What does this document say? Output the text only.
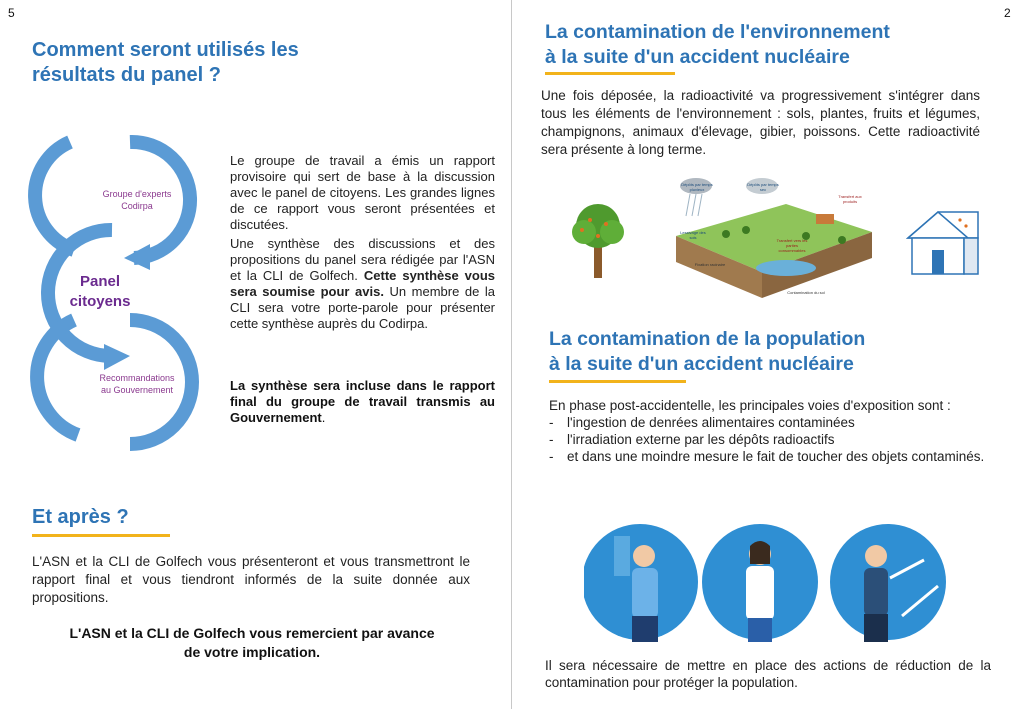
5	2
Comment seront utilisés les
résultats du panel ?
Groupe d'experts
Codirpa
Panel
citoyens
Recommandations
au Gouvernement
Le groupe de travail a émis un rapport provisoire qui sert de base à la discussion avec le panel de citoyens. Les grandes lignes de ce rapport vous seront présentées et discutées.
Une synthèse des discussions et des propositions du panel sera rédigée par l'ASN et la CLI de Golfech. Cette synthèse vous sera soumise pour avis. Un membre de la CLI sera votre porte-parole pour présenter cette synthèse auprès du Codirpa.
La synthèse sera incluse dans le rapport final du groupe de travail transmis au Gouvernement.
Et après ?
L'ASN et la CLI de Golfech vous présenteront et vous transmettront le rapport final et vous tiendront informés de la suite donnée aux propositions.
L'ASN et la CLI de Golfech vous remercient par avance
de votre implication.
La contamination de l'environnement
à la suite d'un accident nucléaire
Une fois déposée, la radioactivité va progressivement s'intégrer dans tous les éléments de l'environnement : sols, plantes, fruits et légumes, champignons, animaux d'élevage, gibier, poissons. Cette radioactivité sera présente à long terme.
Dépôts par temps pluvieux
Dépôts par temps sec
Transfert aux produits
Lessivage des sols
Transfert vers les parties consommables
Fixation racinaire
Contamination du sol
La contamination de la population
à la suite d'un accident nucléaire
En phase post-accidentelle, les principales voies d'exposition sont :
- l'ingestion de denrées alimentaires contaminées
- l'irradiation externe par les dépôts radioactifs
- et dans une moindre mesure le fait de toucher des objets contaminés.
Il sera nécessaire de mettre en place des actions de réduction de la contamination pour protéger la population.
